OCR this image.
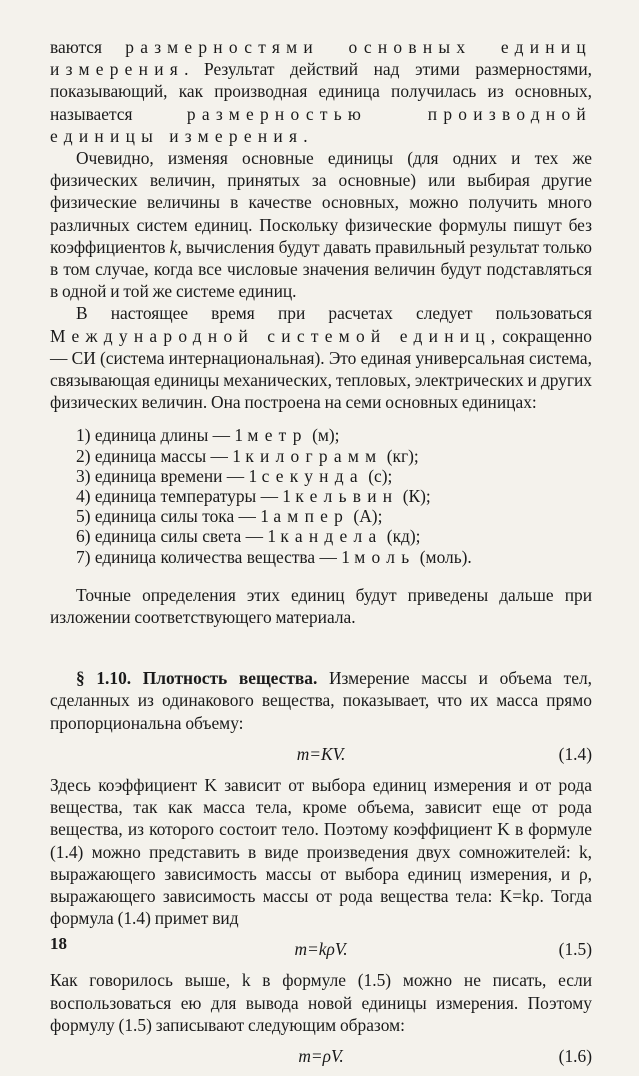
ваются размерностями основных единиц измерения. Результат действий над этими размерностями, показывающий, как производная единица получилась из основных, называется размерностью производной единицы измерения.

Очевидно, изменяя основные единицы (для одних и тех же физических величин, принятых за основные) или выбирая другие физические величины в качестве основных, можно получить много различных систем единиц. Поскольку физические формулы пишут без коэффициентов k, вычисления будут давать правильный результат только в том случае, когда все числовые значения величин будут подставляться в одной и той же системе единиц.

В настоящее время при расчетах следует пользоваться Международной системой единиц, сокращенно — СИ (система интернациональная). Это единая универсальная система, связывающая единицы механических, тепловых, электрических и других физических величин. Она построена на семи основных единицах:

1) единица длины — 1 метр (м);
2) единица массы — 1 килограмм (кг);
3) единица времени — 1 секунда (с);
4) единица температуры — 1 кельвин (К);
5) единица силы тока — 1 ампер (А);
6) единица силы света — 1 кандела (кд);
7) единица количества вещества — 1 моль (моль).

Точные определения этих единиц будут приведены дальше при изложении соответствующего материала.

§ 1.10. Плотность вещества. Измерение массы и объема тел, сделанных из одинакового вещества, показывает, что их масса прямо пропорциональна объему:

m=KV.	(1.4)

Здесь коэффициент K зависит от выбора единиц измерения и от рода вещества, так как масса тела, кроме объема, зависит еще от рода вещества, из которого состоит тело. Поэтому коэффициент K в формуле (1.4) можно представить в виде произведения двух сомножителей: k, выражающего зависимость массы от выбора единиц измерения, и ρ, выражающего зависимость массы от рода вещества тела: K=kρ. Тогда формула (1.4) примет вид

m=kρV.	(1.5)

Как говорилось выше, k в формуле (1.5) можно не писать, если воспользоваться ею для вывода новой единицы измерения. Поэтому формулу (1.5) записывают следующим образом:

m=ρV.	(1.6)
18
